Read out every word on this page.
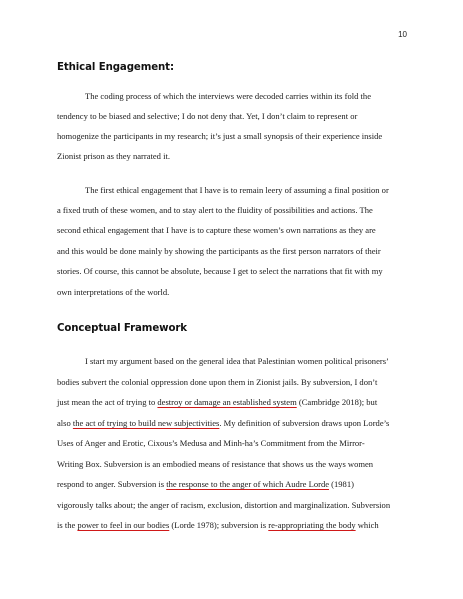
10
Ethical Engagement:
The coding process of which the interviews were decoded carries within its fold the
tendency to be biased and selective; I do not deny that. Yet, I don’t claim to represent or
homogenize the participants in my research; it’s just a small synopsis of their experience inside
Zionist prison as they narrated it.
The first ethical engagement that I have is to remain leery of assuming a final position or
a fixed truth of these women, and to stay alert to the fluidity of possibilities and actions. The
second ethical engagement that I have is to capture these women’s own narrations as they are
and this would be done mainly by showing the participants as the first person narrators of their
stories. Of course, this cannot be absolute, because I get to select the narrations that fit with my
own interpretations of the world.
Conceptual Framework
I start my argument based on the general idea that Palestinian women political prisoners’
bodies subvert the colonial oppression done upon them in Zionist jails. By subversion, I don’t
just mean the act of trying to destroy or damage an established system (Cambridge 2018); but
also the act of trying to build new subjectivities. My definition of subversion draws upon Lorde’s
Uses of Anger and Erotic, Cixous’s Medusa and Minh-ha’s Commitment from the Mirror-
Writing Box. Subversion is an embodied means of resistance that shows us the ways women
respond to anger. Subversion is the response to the anger of which Audre Lorde (1981)
vigorously talks about; the anger of racism, exclusion, distortion and marginalization. Subversion
is the power to feel in our bodies (Lorde 1978); subversion is re-appropriating the body which
